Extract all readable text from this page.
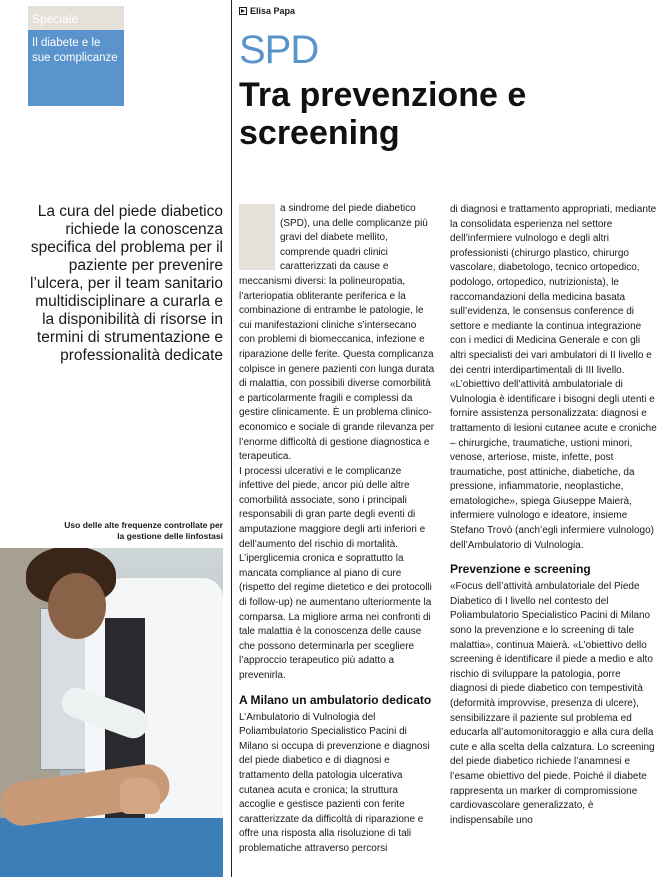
Speciale
Il diabete e le sue complicanze
La cura del piede diabetico richiede la conoscenza specifica del problema per il paziente per prevenire l’ulcera, per il team sanitario multidisciplinare a curarla e la disponibilità di risorse in termini di strumentazione e professionalità dedicate
Uso delle alte frequenze controllate per la gestione delle linfostasi
Elisa Papa
SPD
Tra prevenzione e screening

a sindrome del piede diabetico (SPD), una delle complicanze più gravi del diabete mellito, comprende quadri clinici caratterizzati da cause e meccanismi diversi: la polineuropatia, l’arteriopatia obliterante periferica e la combinazione di entrambe le patologie, le cui manifestazioni cliniche s’intersecano con problemi di biomeccanica, infezione e riparazione delle ferite. Questa complicanza colpisce in genere pazienti con lunga durata di malattia, con possibili diverse comorbilità e particolarmente fragili e complessi da gestire clinicamente. È un problema clinico-economico e sociale di grande rilevanza per l’enorme difficoltà di gestione diagnostica e terapeutica.

I processi ulcerativi e le complicanze infettive del piede, ancor più delle altre comorbilità associate, sono i principali responsabili di gran parte degli eventi di amputazione maggiore degli arti inferiori e dell’aumento del rischio di mortalità.

L’iperglicemia cronica e soprattutto la mancata compliance al piano di cure (rispetto del regime dietetico e dei protocolli di follow-up) ne aumentano ulteriormente la comparsa. La migliore arma nei confronti di tale malattia è la conoscenza delle cause che possono determinarla per scegliere l’approccio terapeutico più adatto a prevenirla.

A Milano un ambulatorio dedicato

L’Ambulatorio di Vulnologia del Poliambulatorio Specialistico Pacini di Milano si occupa di prevenzione e diagnosi del piede diabetico e di diagnosi e trattamento della patologia ulcerativa cutanea acuta e cronica; la struttura accoglie e gestisce pazienti con ferite caratterizzate da difficoltà di riparazione e offre una risposta alla risoluzione di tali problematiche attraverso percorsi

di diagnosi e trattamento appropriati, mediante la consolidata esperienza nel settore dell’infermiere vulnologo e degli altri professionisti (chirurgo plastico, chirurgo vascolare, diabetologo, tecnico ortopedico, podologo, ortopedico, nutrizionista), le raccomandazioni della medicina basata sull’evidenza, le consensus conference di settore e mediante la continua integrazione con i medici di Medicina Generale e con gli altri specialisti dei vari ambulatori di II livello e dei centri interdipartimentali di III livello. «L’obiettivo dell’attività ambulatoriale di Vulnologia è identificare i bisogni degli utenti e fornire assistenza personalizzata: diagnosi e trattamento di lesioni cutanee acute e croniche – chirurgiche, traumatiche, ustioni minori, venose, arteriose, miste, infette, post traumatiche, post attiniche, diabetiche, da pressione, infiammatorie, neoplastiche, ematologiche», spiega Giuseppe Maierà, infermiere vulnologo e ideatore, insieme Stefano Trovò (anch’egli infermiere vulnologo) dell’Ambulatorio di Vulnologia.

Prevenzione e screening

«Focus dell’attività ambulatoriale del Piede Diabetico di I livello nel contesto del Poliambulatorio Specialistico Pacini di Milano sono la prevenzione e lo screening di tale malattia», continua Maierà. «L’obiettivo dello screening è identificare il piede a medio e alto rischio di sviluppare la patologia, porre diagnosi di piede diabetico con tempestività (deformità improvvise, presenza di ulcere), sensibilizzare il paziente sul problema ed educarla all’automonitoraggio e alla cura della cute e alla scelta della calzatura. Lo screening del piede diabetico richiede l’anamnesi e l’esame obiettivo del piede. Poiché il diabete rappresenta un marker di compromissione cardiovascolare generalizzato, è indispensabile uno
